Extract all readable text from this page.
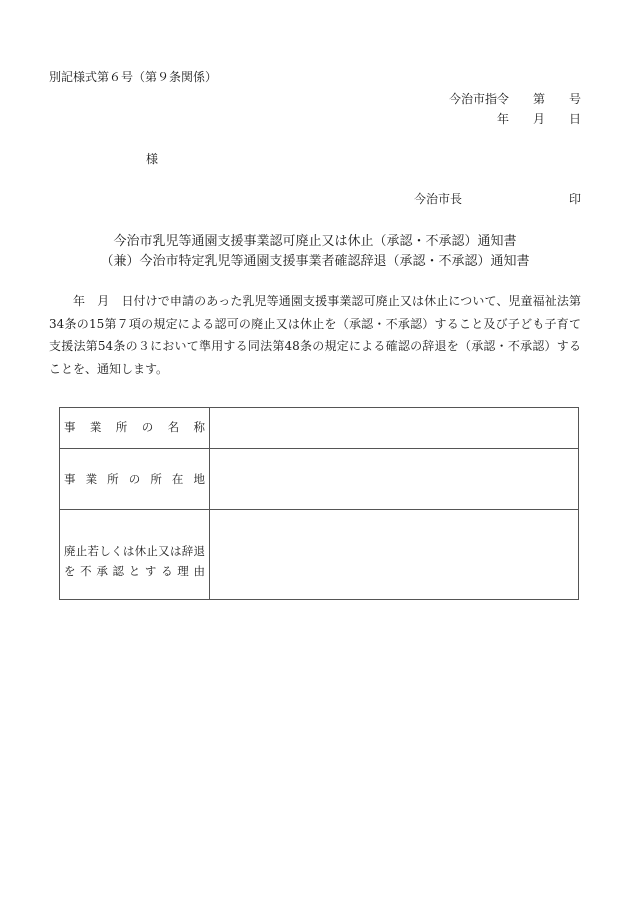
別記様式第６号（第９条関係）
今治市指令　　第　　号
年　　月　　日
様
今治市長	印
今治市乳児等通園支援事業認可廃止又は休止（承認・不承認）通知書
（兼）今治市特定乳児等通園支援事業者確認辞退（承認・不承認）通知書
年　月　日付けで申請のあった乳児等通園支援事業認可廃止又は休止について、児童福祉法第34条の15第７項の規定による認可の廃止又は休止を（承認・不承認）すること及び子ども子育て支援法第54条の３において準用する同法第48条の規定による確認の辞退を（承認・不承認）することを、通知します。
事業所の名称
事業所の所在地
廃止若しくは休止又は辞退
を不承認とする理由
